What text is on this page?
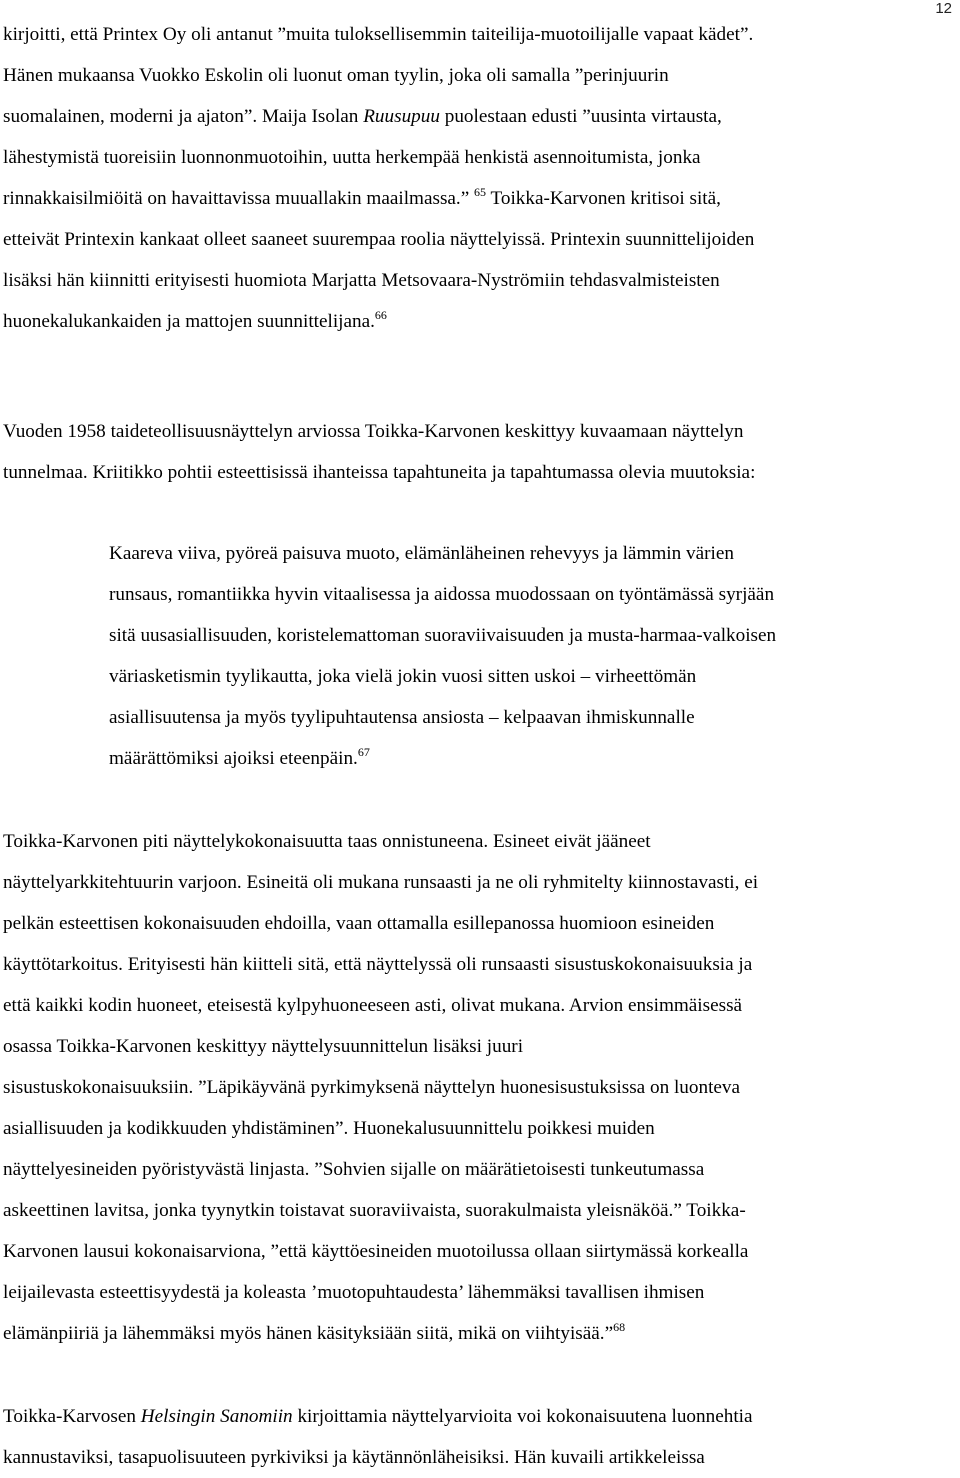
12
kirjoitti, että Printex Oy oli antanut ”muita tuloksellisemmin taiteilija-muotoilijalle vapaat kädet”.
Hänen mukaansa Vuokko Eskolin oli luonut oman tyylin, joka oli samalla ”perinjuurin
suomalainen, moderni ja ajaton”. Maija Isolan Ruusupuu puolestaan edusti ”uusinta virtausta,
lähestymistä tuoreisiin luonnonmuotoihin, uutta herkempää henkistä asennoitumista, jonka
rinnakkaisilmiöitä on havaittavissa muuallakin maailmassa.” $^{65}$ Toikka-Karvonen kritisoi sitä,
etteivät Printexin kankaat olleet saaneet suurempaa roolia näyttelyissä. Printexin suunnittelijoiden
lisäksi hän kiinnitti erityisesti huomiota Marjatta Metsovaara-Nyströmiin tehdasvalmisteisten
huonekalukankaiden ja mattojen suunnittelijana.$^{66}$
Vuoden 1958 taideteollisuusnäyttelyn arviossa Toikka-Karvonen keskittyy kuvaamaan näyttelyn
tunnelmaa. Kriitikko pohtii esteettisissä ihanteissa tapahtuneita ja tapahtumassa olevia muutoksia:
Kaareva viiva, pyöreä paisuva muoto, elämänläheinen rehevyys ja lämmin värien
runsaus, romantiikka hyvin vitaalisessa ja aidossa muodossaan on työntämässä syrjään
sitä uusasiallisuuden, koristelemattoman suoraviivaisuuden ja musta-harmaa-valkoisen
väriasketismin tyylikautta, joka vielä jokin vuosi sitten uskoi – virheettömän
asiallisuutensa ja myös tyylipuhtautensa ansiosta – kelpaavan ihmiskunnalle
määrättömiksi ajoiksi eteenpäin.$^{67}$
Toikka-Karvonen piti näyttelykokonaisuutta taas onnistuneena. Esineet eivät jääneet
näyttelyarkkitehtuurin varjoon. Esineitä oli mukana runsaasti ja ne oli ryhmitelty kiinnostavasti, ei
pelkän esteettisen kokonaisuuden ehdoilla, vaan ottamalla esillepanossa huomioon esineiden
käyttötarkoitus. Erityisesti hän kiitteli sitä, että näyttelyssä oli runsaasti sisustuskokonaisuuksia ja
että kaikki kodin huoneet, eteisestä kylpyhuoneeseen asti, olivat mukana. Arvion ensimmäisessä
osassa Toikka-Karvonen keskittyy näyttelysuunnittelun lisäksi juuri
sisustuskokonaisuuksiin. ”Läpikäyvänä pyrkimyksenä näyttelyn huonesisustuksissa on luonteva
asiallisuuden ja kodikkuuden yhdistäminen”. Huonekalusuunnittelu poikkesi muiden
näyttelyesineiden pyöristyvästä linjasta. ”Sohvien sijalle on määrätietoisesti tunkeutumassa
askeettinen lavitsa, jonka tyynytkin toistavat suoraviivaista, suorakulmaista yleisnäköä.” Toikka-
Karvonen lausui kokonaisarviona, ”että käyttöesineiden muotoilussa ollaan siirtymässä korkealla
leijailevasta esteettisyydestä ja koleasta ’muotopuhtaudesta’ lähemmäksi tavallisen ihmisen
elämänpiiriä ja lähemmäksi myös hänen käsityksiään siitä, mikä on viihtyisää.”$^{68}$
Toikka-Karvosen Helsingin Sanomiin kirjoittamia näyttelyarvioita voi kokonaisuutena luonnehtia
kannustaviksi, tasapuolisuuteen pyrkiviksi ja käytännönläheisiksi. Hän kuvaili artikkeleissa
